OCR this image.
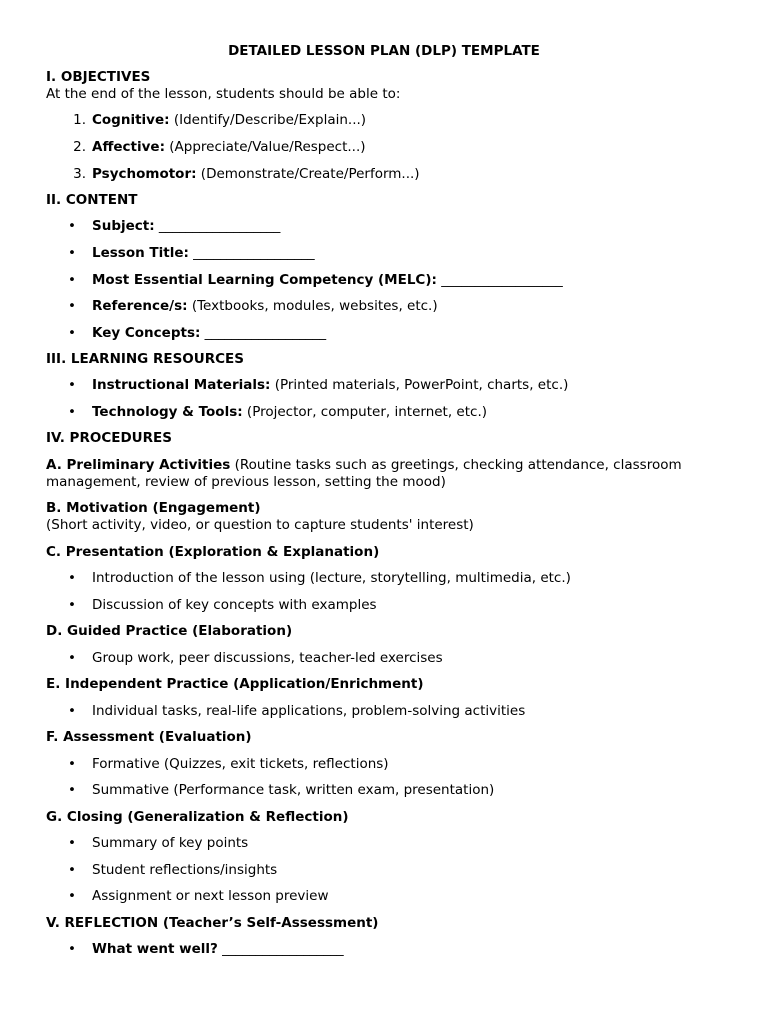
DETAILED LESSON PLAN (DLP) TEMPLATE
I. OBJECTIVES
At the end of the lesson, students should be able to:
1. Cognitive: (Identify/Describe/Explain...)
2. Affective: (Appreciate/Value/Respect...)
3. Psychomotor: (Demonstrate/Create/Perform...)
II. CONTENT
• Subject: __________________
• Lesson Title: __________________
• Most Essential Learning Competency (MELC): __________________
• Reference/s: (Textbooks, modules, websites, etc.)
• Key Concepts: __________________
III. LEARNING RESOURCES
• Instructional Materials: (Printed materials, PowerPoint, charts, etc.)
• Technology & Tools: (Projector, computer, internet, etc.)
IV. PROCEDURES
A. Preliminary Activities (Routine tasks such as greetings, checking attendance, classroom management, review of previous lesson, setting the mood)
B. Motivation (Engagement)
(Short activity, video, or question to capture students' interest)
C. Presentation (Exploration & Explanation)
• Introduction of the lesson using (lecture, storytelling, multimedia, etc.)
• Discussion of key concepts with examples
D. Guided Practice (Elaboration)
• Group work, peer discussions, teacher-led exercises
E. Independent Practice (Application/Enrichment)
• Individual tasks, real-life applications, problem-solving activities
F. Assessment (Evaluation)
• Formative (Quizzes, exit tickets, reflections)
• Summative (Performance task, written exam, presentation)
G. Closing (Generalization & Reflection)
• Summary of key points
• Student reflections/insights
• Assignment or next lesson preview
V. REFLECTION (Teacher’s Self-Assessment)
• What went well? __________________
